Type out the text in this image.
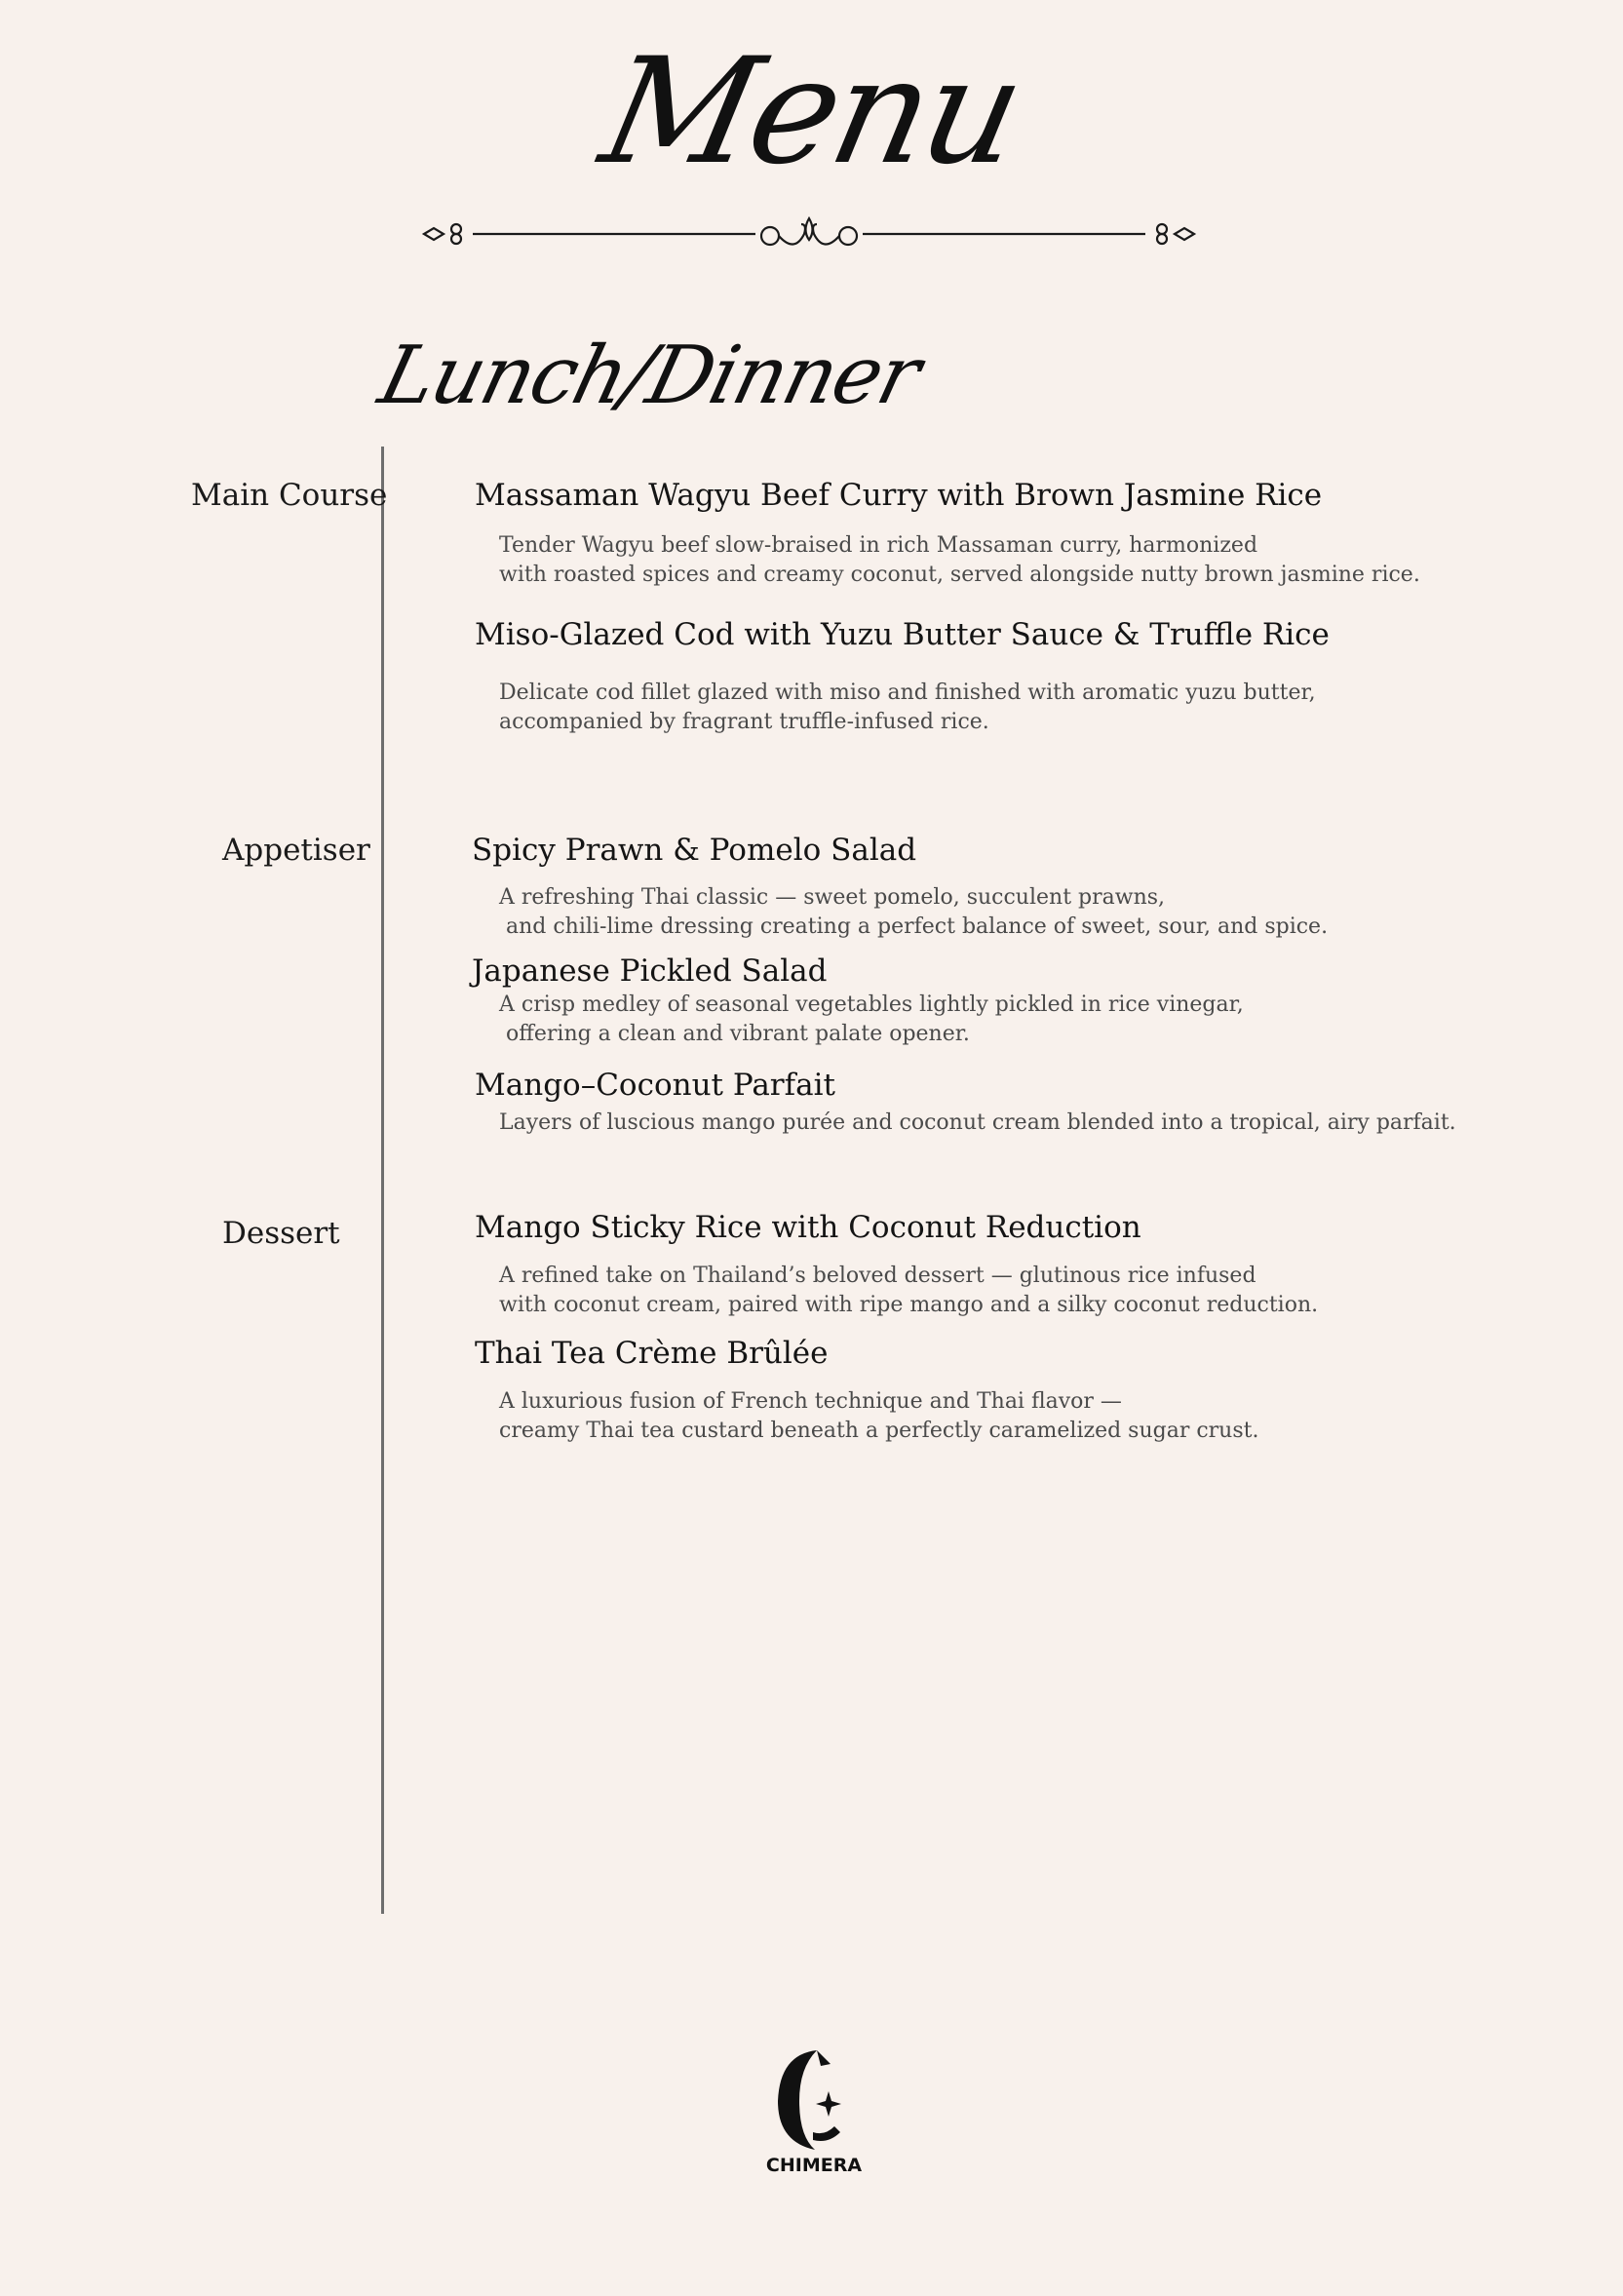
Menu
Lunch/Dinner
Main Course	Massaman Wagyu Beef Curry with Brown Jasmine Rice
Tender Wagyu beef slow-braised in rich Massaman curry, harmonized
with roasted spices and creamy coconut, served alongside nutty brown jasmine rice.
Miso-Glazed Cod with Yuzu Butter Sauce & Truffle Rice
Delicate cod fillet glazed with miso and finished with aromatic yuzu butter,
accompanied by fragrant truffle-infused rice.
Appetiser	Spicy Prawn & Pomelo Salad
A refreshing Thai classic — sweet pomelo, succulent prawns,
and chili-lime dressing creating a perfect balance of sweet, sour, and spice.
Japanese Pickled Salad
A crisp medley of seasonal vegetables lightly pickled in rice vinegar,
offering a clean and vibrant palate opener.
Mango–Coconut Parfait
Layers of luscious mango purée and coconut cream blended into a tropical, airy parfait.
Dessert	Mango Sticky Rice with Coconut Reduction
A refined take on Thailand’s beloved dessert — glutinous rice infused
with coconut cream, paired with ripe mango and a silky coconut reduction.
Thai Tea Crème Brûlée
A luxurious fusion of French technique and Thai flavor —
creamy Thai tea custard beneath a perfectly caramelized sugar crust.
CHIMERA
